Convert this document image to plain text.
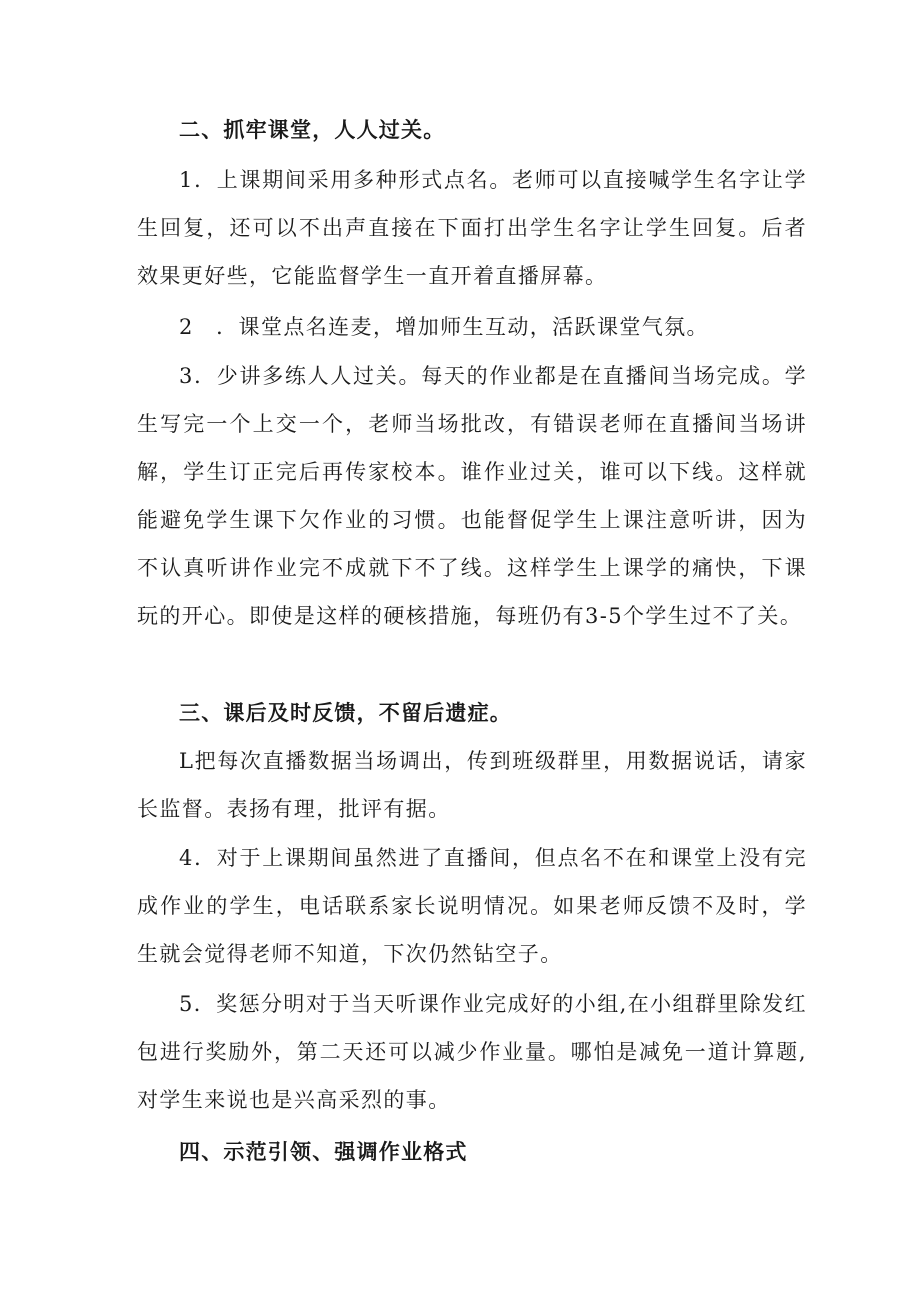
二、抓牢课堂，人人过关。

1．上课期间采用多种形式点名。老师可以直接喊学生名字让学生回复，还可以不出声直接在下面打出学生名字让学生回复。后者效果更好些，它能监督学生一直开着直播屏幕。

2　．课堂点名连麦，增加师生互动，活跃课堂气氛。

3．少讲多练人人过关。每天的作业都是在直播间当场完成。学生写完一个上交一个，老师当场批改，有错误老师在直播间当场讲解，学生订正完后再传家校本。谁作业过关，谁可以下线。这样就能避免学生课下欠作业的习惯。也能督促学生上课注意听讲，因为不认真听讲作业完不成就下不了线。这样学生上课学的痛快，下课玩的开心。即使是这样的硬核措施，每班仍有3-5个学生过不了关。

三、课后及时反馈，不留后遗症。

L把每次直播数据当场调出，传到班级群里，用数据说话，请家长监督。表扬有理，批评有据。

4．对于上课期间虽然进了直播间，但点名不在和课堂上没有完成作业的学生，电话联系家长说明情况。如果老师反馈不及时，学生就会觉得老师不知道，下次仍然钻空子。

5．奖惩分明对于当天听课作业完成好的小组,在小组群里除发红包进行奖励外，第二天还可以减少作业量。哪怕是减免一道计算题,对学生来说也是兴高采烈的事。

四、示范引领、强调作业格式
